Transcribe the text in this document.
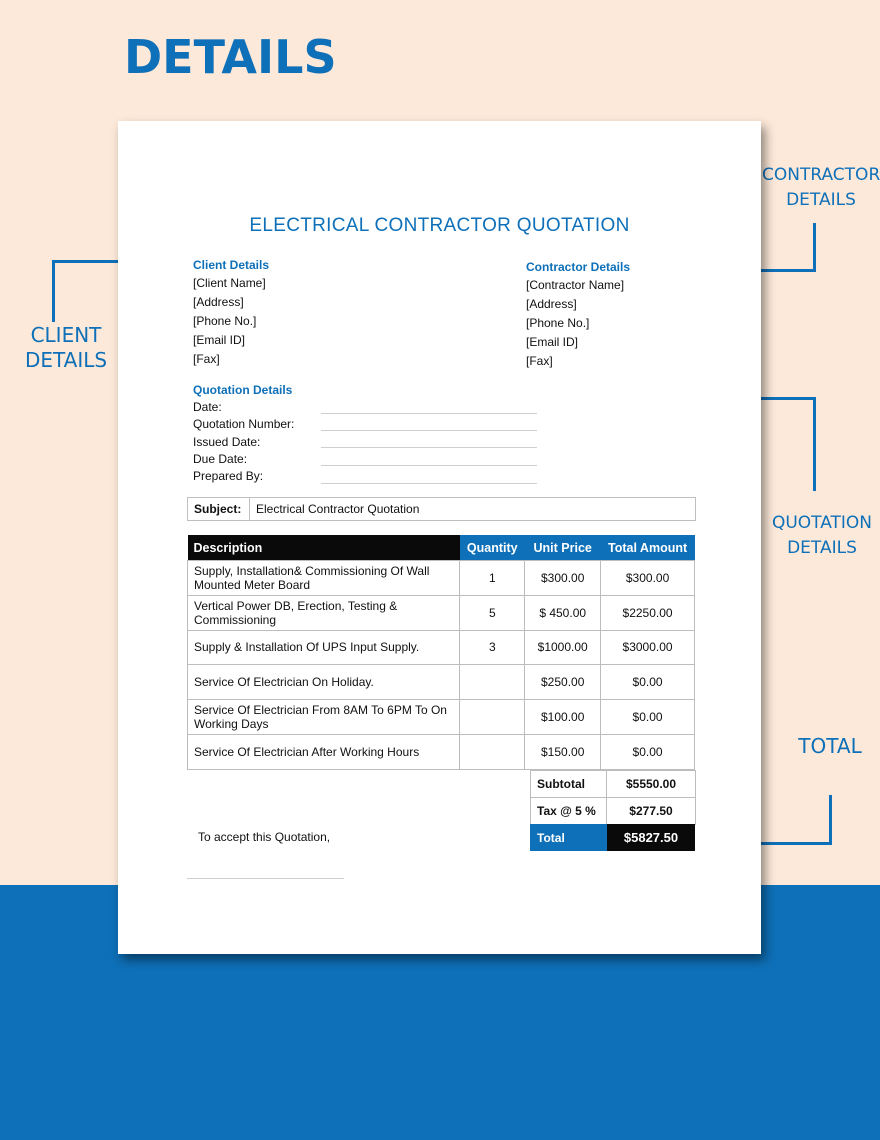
DETAILS
CONTRACTOR
DETAILS
CLIENT
DETAILS
QUOTATION
DETAILS
TOTAL
ELECTRICAL CONTRACTOR QUOTATION
Client Details
[Client Name]
[Address]
[Phone No.]
[Email ID]
[Fax]
Contractor Details
[Contractor Name]
[Address]
[Phone No.]
[Email ID]
[Fax]
Quotation Details
Date:
Quotation Number:
Issued Date:
Due Date:
Prepared By:
Subject: Electrical Contractor Quotation
Description	Quantity	Unit Price	Total Amount
Supply, Installation& Commissioning Of Wall Mounted Meter Board	1	$300.00	$300.00
Vertical Power DB, Erection, Testing & Commissioning	5	$ 450.00	$2250.00
Supply & Installation Of UPS Input Supply.	3	$1000.00	$3000.00
Service Of Electrician On Holiday.		$250.00	$0.00
Service Of Electrician From 8AM To 6PM To On Working Days		$100.00	$0.00
Service Of Electrician After Working Hours		$150.00	$0.00
Subtotal	$5550.00
Tax @ 5 %	$277.50
Total	$5827.50
To accept this Quotation,
